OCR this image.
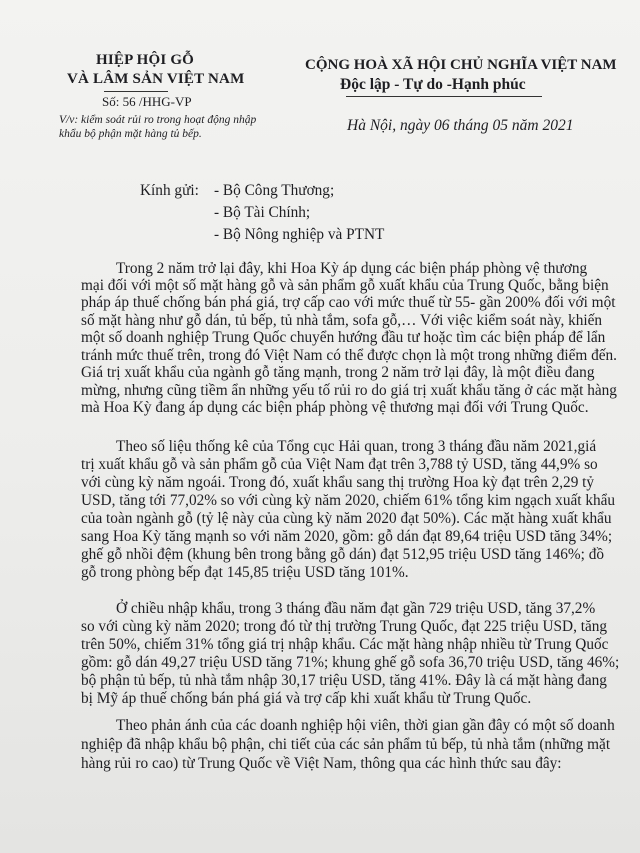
HIỆP HỘI GỖ
VÀ LÂM SẢN VIỆT NAM
Số: 56 /HHG-VP
V/v: kiểm soát rủi ro trong hoạt động nhập
khẩu bộ phận mặt hàng tủ bếp.
CỘNG HOÀ XÃ HỘI CHỦ NGHĨA VIỆT NAM
Độc lập - Tự do -Hạnh phúc
Hà Nội, ngày 06 tháng 05 năm 2021
Kính gửi: - Bộ Công Thương;
- Bộ Tài Chính;
- Bộ Nông nghiệp và PTNT
Trong 2 năm trở lại đây, khi Hoa Kỳ áp dụng các biện pháp phòng vệ thương
mại đối với một số mặt hàng gỗ và sản phẩm gỗ xuất khẩu của Trung Quốc, bằng biện
pháp áp thuế chống bán phá giá, trợ cấp cao với mức thuế từ 55- gần 200% đối với một
số mặt hàng như gỗ dán, tủ bếp, tủ nhà tắm, sofa gỗ,… Với việc kiểm soát này, khiến
một số doanh nghiệp Trung Quốc chuyển hướng đầu tư hoặc tìm các biện pháp để lẩn
tránh mức thuế trên, trong đó Việt Nam có thể được chọn là một trong những điểm đến.
Giá trị xuất khẩu của ngành gỗ tăng mạnh, trong 2 năm trở lại đây, là một điều đang
mừng, nhưng cũng tiềm ẩn những yếu tố rủi ro do giá trị xuất khẩu tăng ở các mặt hàng
mà Hoa Kỳ đang áp dụng các biện pháp phòng vệ thương mại đối với Trung Quốc.
Theo số liệu thống kê của Tổng cục Hải quan, trong 3 tháng đầu năm 2021,giá
trị xuất khẩu gỗ và sản phẩm gỗ của Việt Nam đạt trên 3,788 tỷ USD, tăng 44,9% so
với cùng kỳ năm ngoái. Trong đó, xuất khẩu sang thị trường Hoa kỳ đạt trên 2,29 tỷ
USD, tăng tới 77,02% so với cùng kỳ năm 2020, chiếm 61% tổng kim ngạch xuất khẩu
của toàn ngành gỗ (tỷ lệ này của cùng kỳ năm 2020 đạt 50%). Các mặt hàng xuất khẩu
sang Hoa Kỳ tăng mạnh so với năm 2020, gồm: gỗ dán đạt 89,64 triệu USD tăng 34%;
ghế gỗ nhồi đệm (khung bên trong bằng gỗ dán) đạt 512,95 triệu USD tăng 146%; đồ
gỗ trong phòng bếp đạt 145,85 triệu USD tăng 101%.
Ở chiều nhập khẩu, trong 3 tháng đầu năm đạt gần 729 triệu USD, tăng 37,2%
so với cùng kỳ năm 2020; trong đó từ thị trường Trung Quốc, đạt 225 triệu USD, tăng
trên 50%, chiếm 31% tổng giá trị nhập khẩu. Các mặt hàng nhập nhiều từ Trung Quốc
gồm: gỗ dán 49,27 triệu USD tăng 71%; khung ghế gỗ sofa 36,70 triệu USD, tăng 46%;
bộ phận tủ bếp, tủ nhà tắm nhập 30,17 triệu USD, tăng 41%. Đây là cá mặt hàng đang
bị Mỹ áp thuế chống bán phá giá và trợ cấp khi xuất khẩu từ Trung Quốc.
Theo phản ánh của các doanh nghiệp hội viên, thời gian gần đây có một số doanh
nghiệp đã nhập khẩu bộ phận, chi tiết của các sản phẩm tủ bếp, tủ nhà tắm (những mặt
hàng rủi ro cao) từ Trung Quốc về Việt Nam, thông qua các hình thức sau đây:
